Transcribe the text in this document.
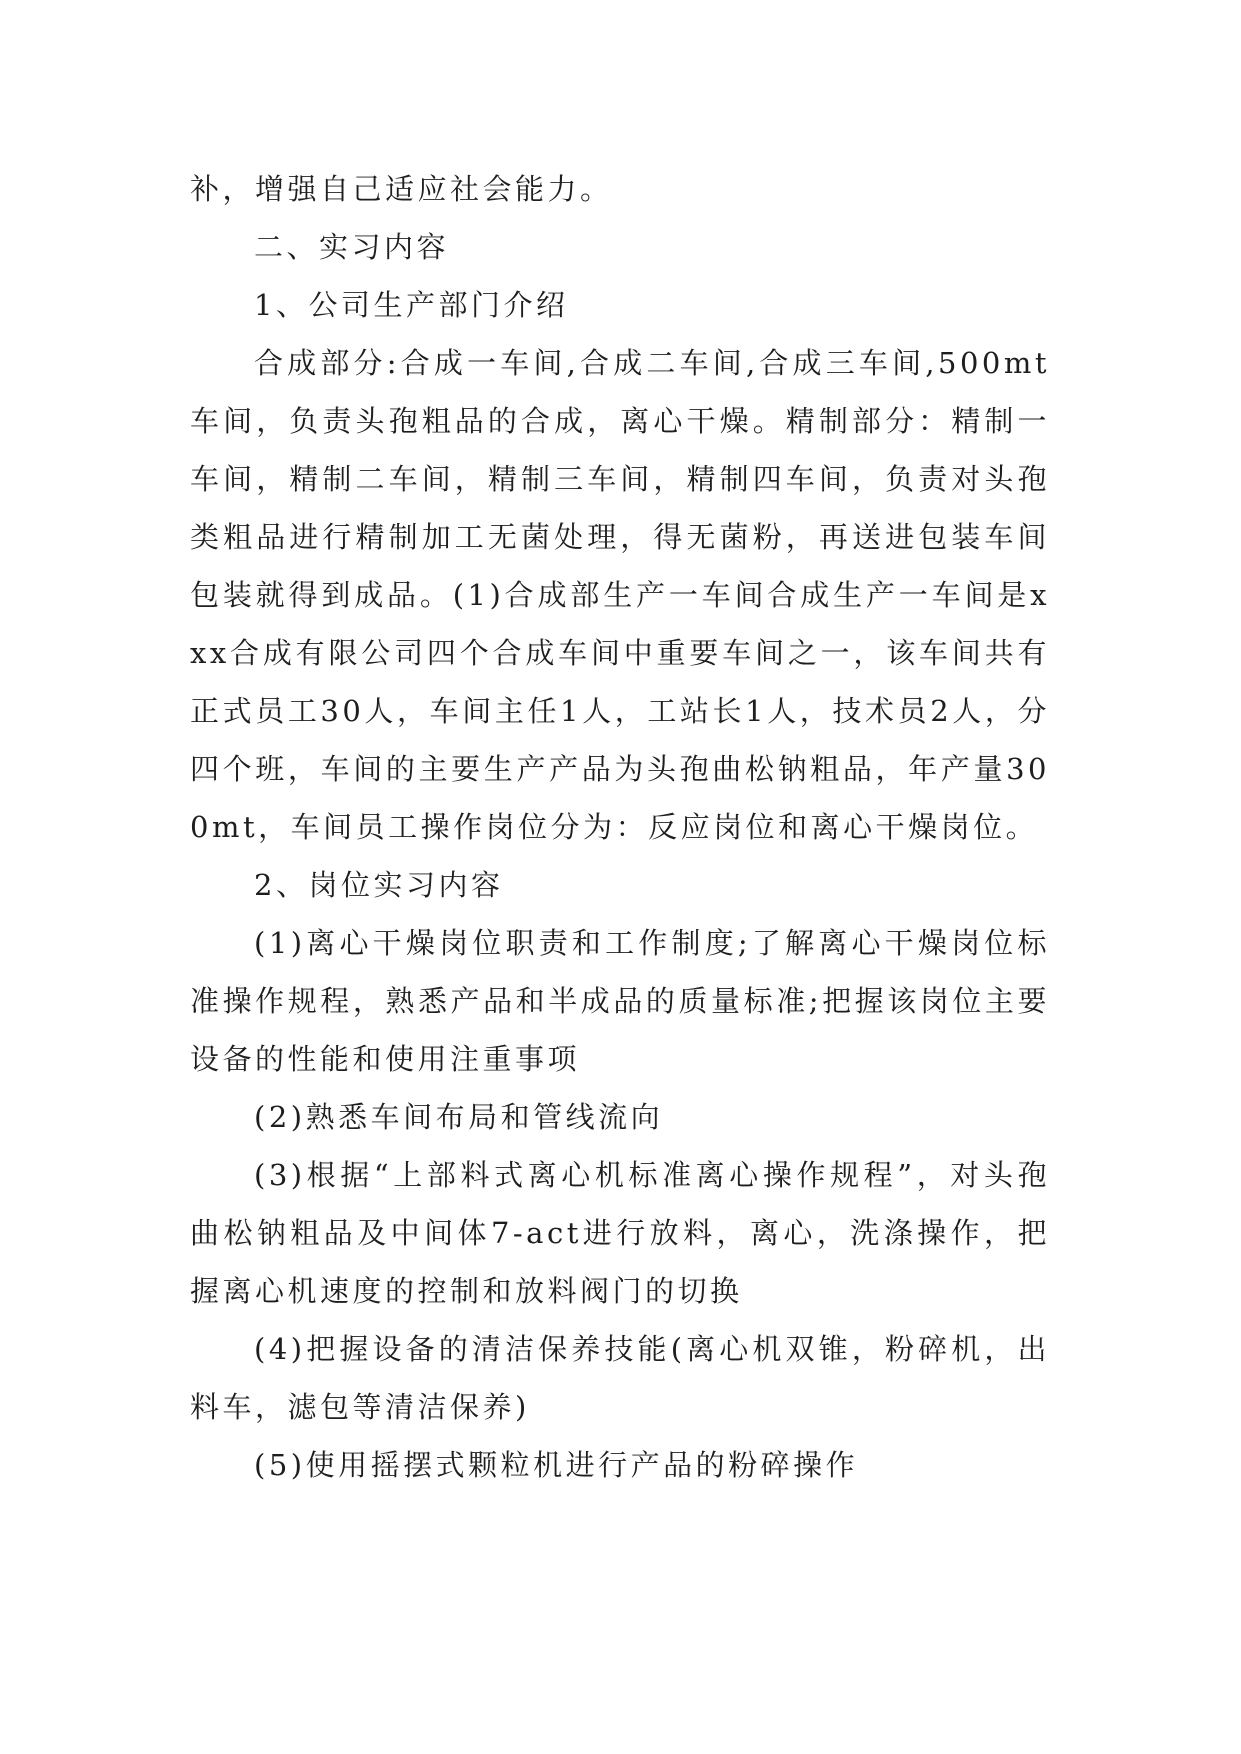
补，增强自己适应社会能力。

二、实习内容

1、公司生产部门介绍

合成部分:合成一车间,合成二车间,合成三车间,500mt车间，负责头孢粗品的合成，离心干燥。精制部分：精制一车间，精制二车间，精制三车间，精制四车间，负责对头孢类粗品进行精制加工无菌处理，得无菌粉，再送进包装车间包装就得到成品。(1)合成部生产一车间合成生产一车间是xxx合成有限公司四个合成车间中重要车间之一，该车间共有正式员工30人，车间主任1人，工站长1人，技术员2人，分四个班，车间的主要生产产品为头孢曲松钠粗品，年产量300mt，车间员工操作岗位分为：反应岗位和离心干燥岗位。

2、岗位实习内容

(1)离心干燥岗位职责和工作制度;了解离心干燥岗位标准操作规程，熟悉产品和半成品的质量标准;把握该岗位主要设备的性能和使用注重事项

(2)熟悉车间布局和管线流向

(3)根据“上部料式离心机标准离心操作规程”，对头孢曲松钠粗品及中间体7-act进行放料，离心，洗涤操作，把握离心机速度的控制和放料阀门的切换

(4)把握设备的清洁保养技能(离心机双锥，粉碎机，出料车，滤包等清洁保养)

(5)使用摇摆式颗粒机进行产品的粉碎操作
